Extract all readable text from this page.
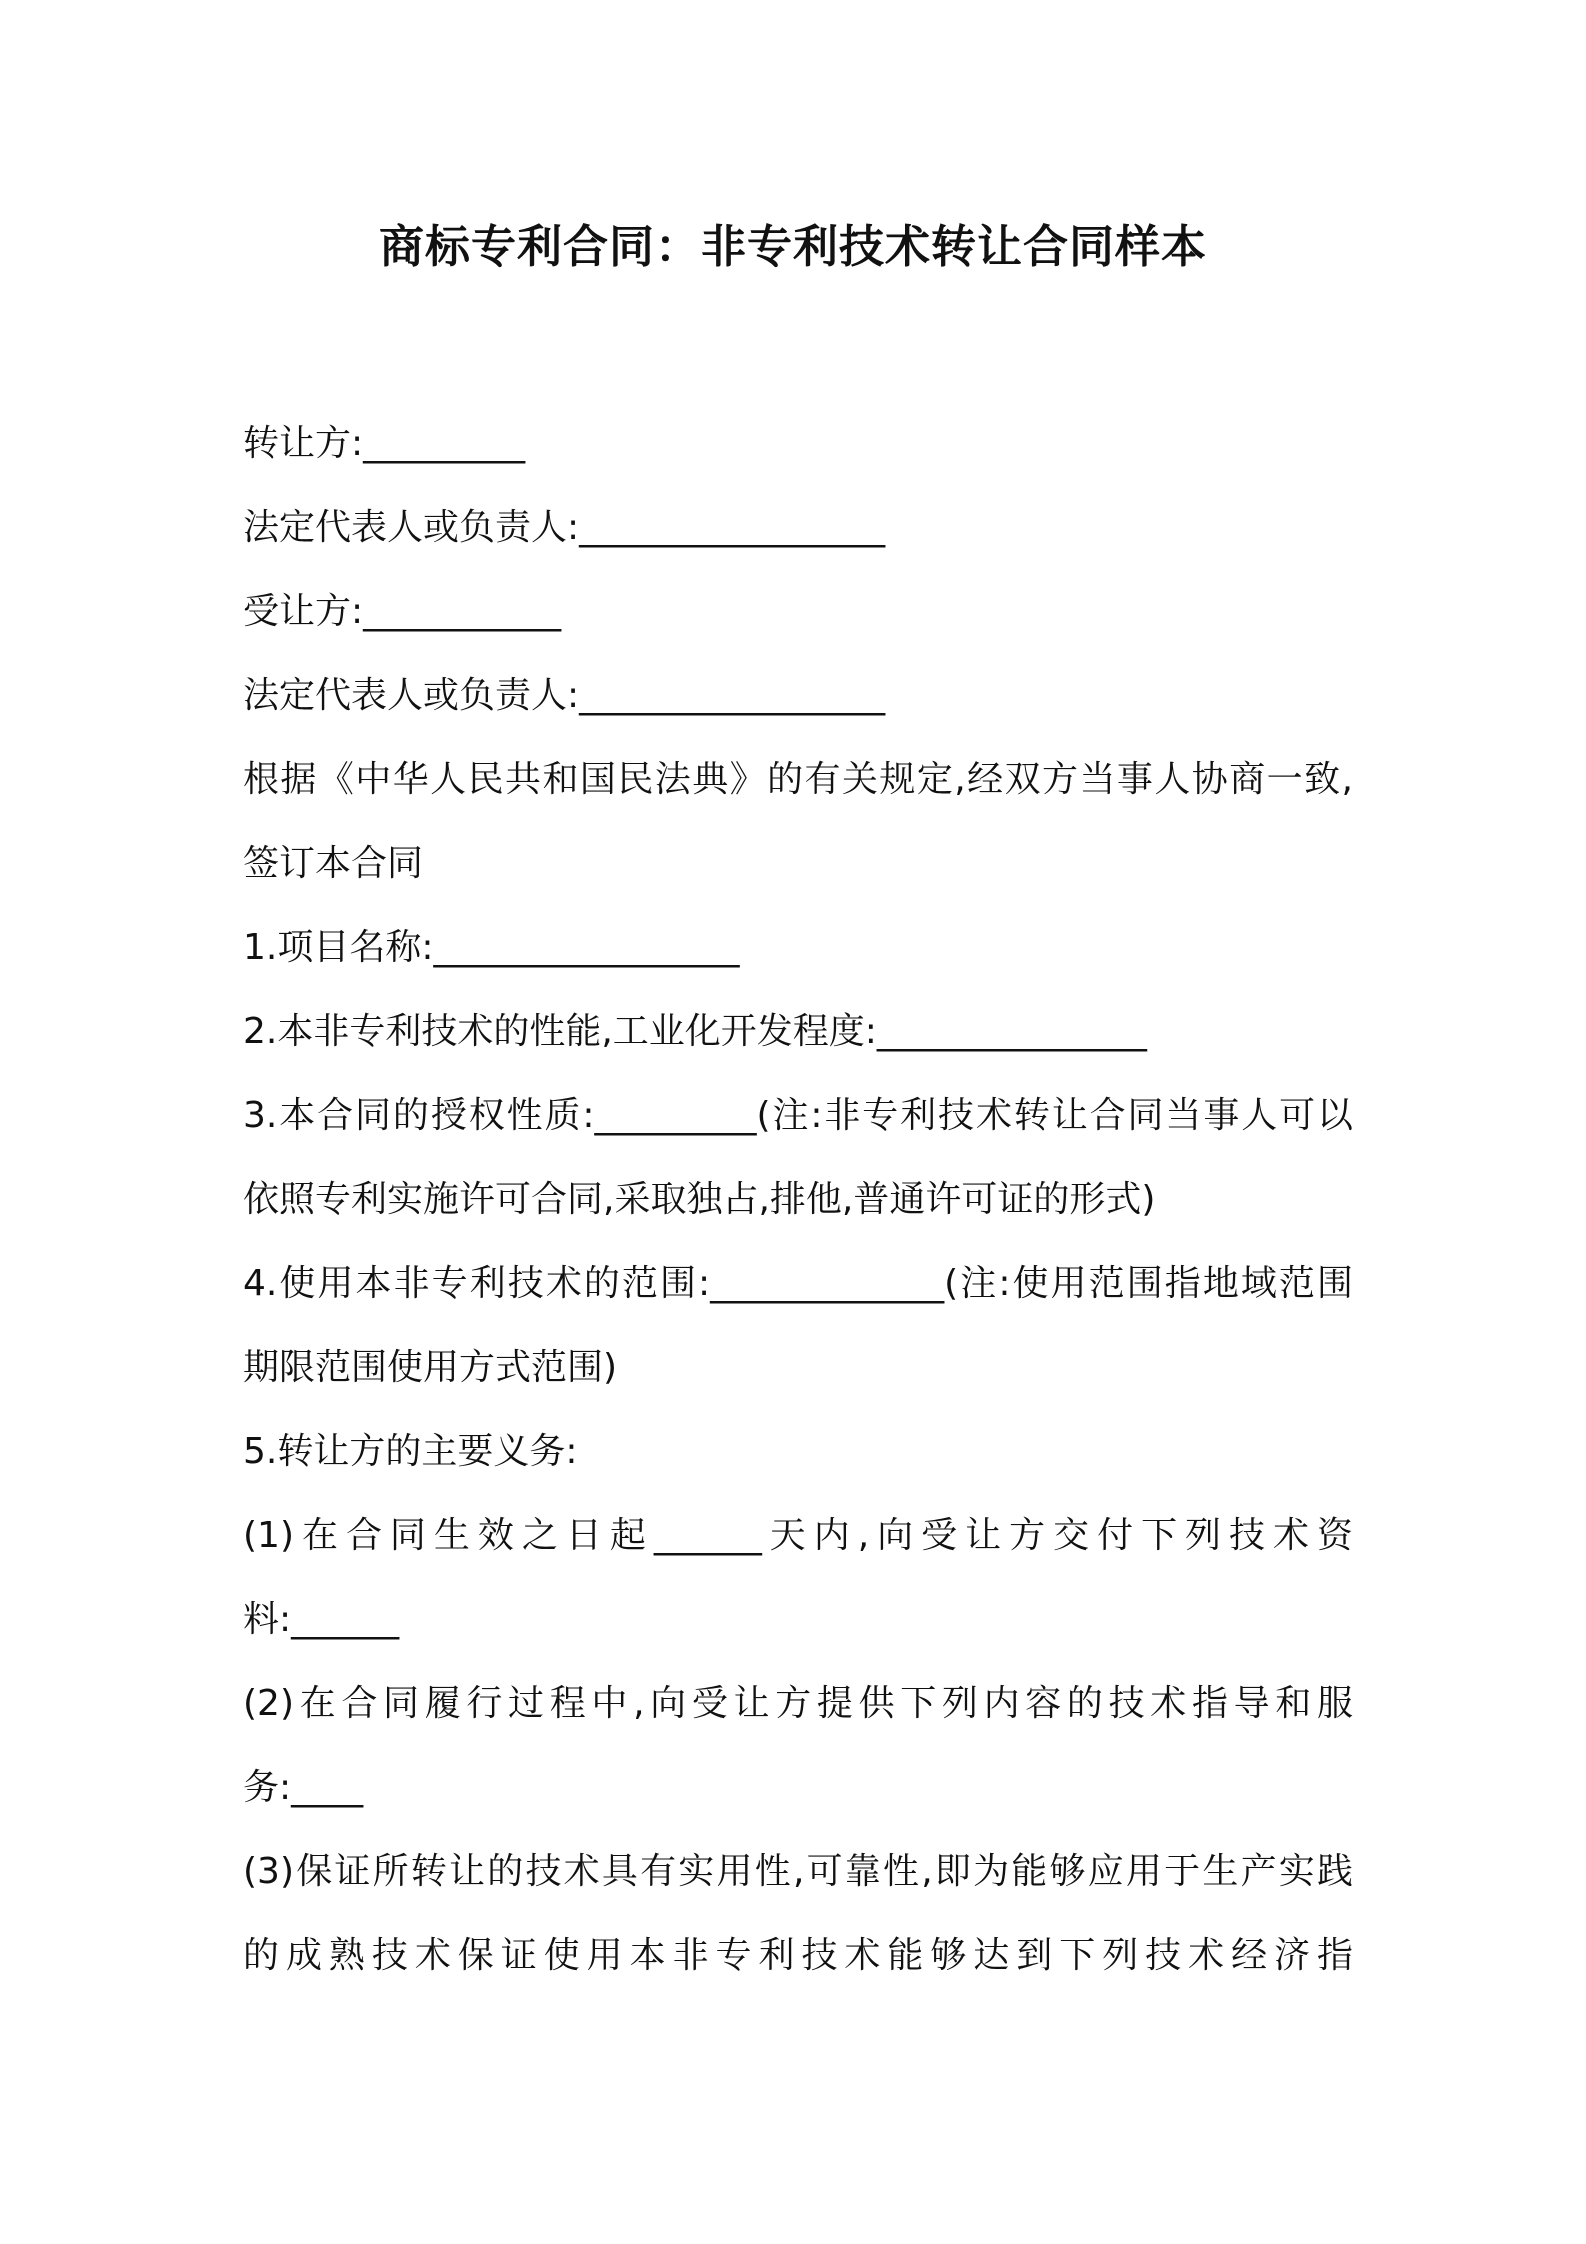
商标专利合同：非专利技术转让合同样本
转让方:_________
法定代表人或负责人:_________________
受让方:___________
法定代表人或负责人:_________________
根据《中华人民共和国民法典》的有关规定,经双方当事人协商一致,
签订本合同
1.项目名称:_________________
2.本非专利技术的性能,工业化开发程度:_______________
3.本合同的授权性质:_________(注:非专利技术转让合同当事人可以
依照专利实施许可合同,采取独占,排他,普通许可证的形式)
4.使用本非专利技术的范围:_____________(注:使用范围指地域范围
期限范围使用方式范围)
5.转让方的主要义务:
(1)在合同生效之日起______天内,向受让方交付下列技术资
料:______
(2)在合同履行过程中,向受让方提供下列内容的技术指导和服
务:____
(3)保证所转让的技术具有实用性,可靠性,即为能够应用于生产实践
的成熟技术保证使用本非专利技术能够达到下列技术经济指
